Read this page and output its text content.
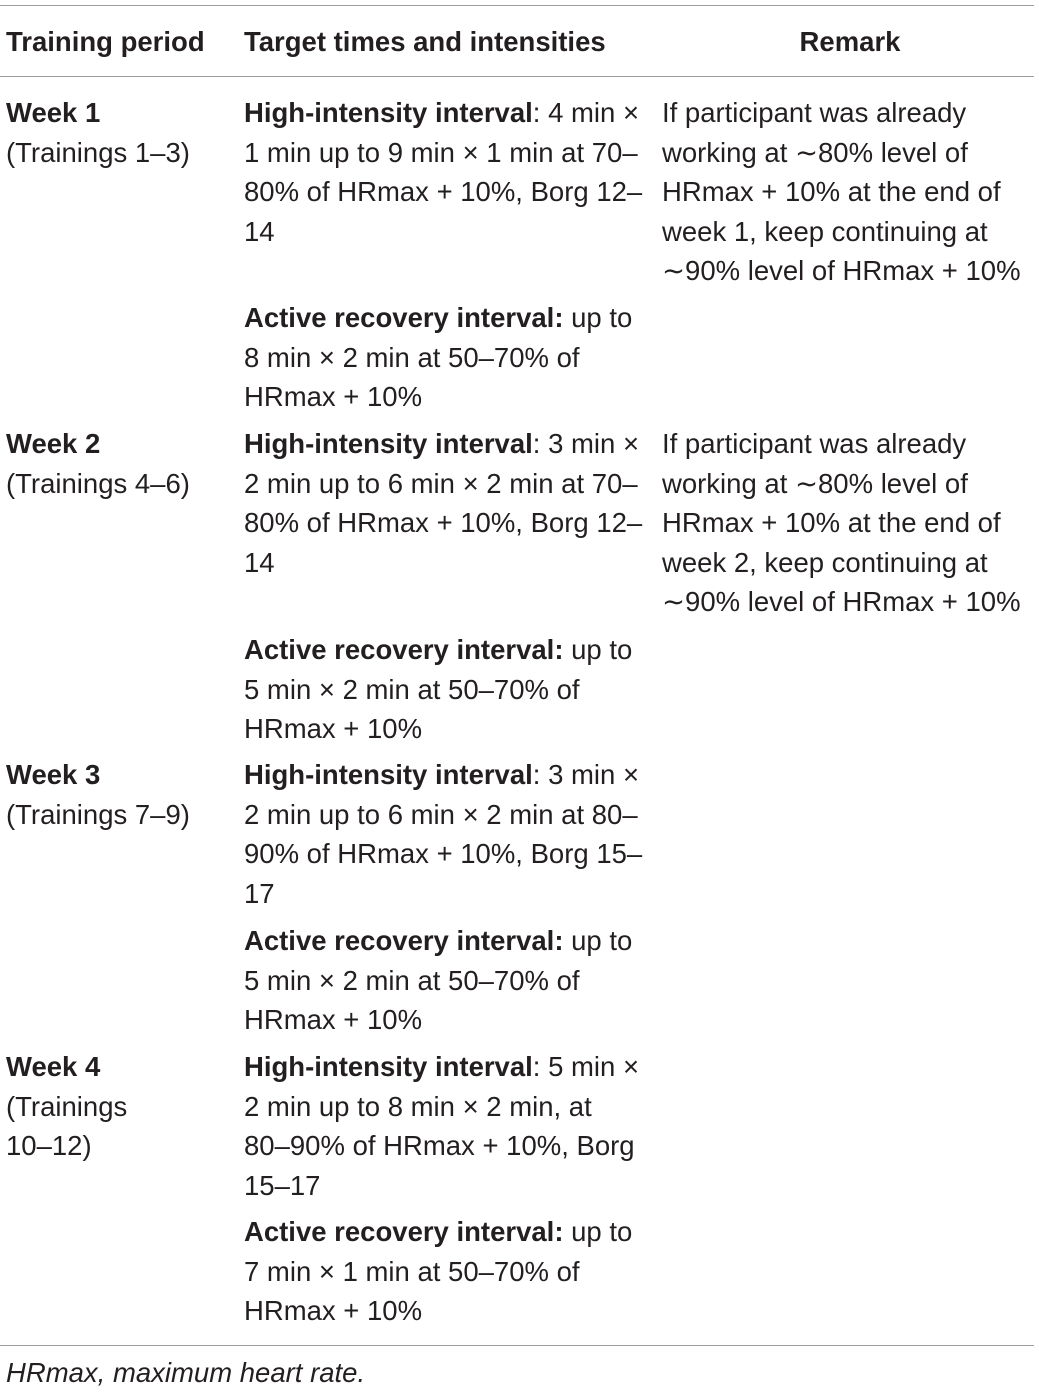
Training period	Target times and intensities	Remark
Week 1
(Trainings 1–3)
High-intensity interval: 4 min × 1 min up to 9 min × 1 min at 70–80% of HRmax + 10%, Borg 12–14
Active recovery interval: up to 8 min × 2 min at 50–70% of HRmax + 10%
If participant was already working at ∼80% level of HRmax + 10% at the end of week 1, keep continuing at ∼90% level of HRmax + 10%
Week 2
(Trainings 4–6)
High-intensity interval: 3 min × 2 min up to 6 min × 2 min at 70–80% of HRmax + 10%, Borg 12–14
Active recovery interval: up to 5 min × 2 min at 50–70% of HRmax + 10%
If participant was already working at ∼80% level of HRmax + 10% at the end of week 2, keep continuing at ∼90% level of HRmax + 10%
Week 3
(Trainings 7–9)
High-intensity interval: 3 min × 2 min up to 6 min × 2 min at 80–90% of HRmax + 10%, Borg 15–17
Active recovery interval: up to 5 min × 2 min at 50–70% of HRmax + 10%
Week 4
(Trainings 10–12)
High-intensity interval: 5 min × 2 min up to 8 min × 2 min, at 80–90% of HRmax + 10%, Borg 15–17
Active recovery interval: up to 7 min × 1 min at 50–70% of HRmax + 10%
HRmax, maximum heart rate.
